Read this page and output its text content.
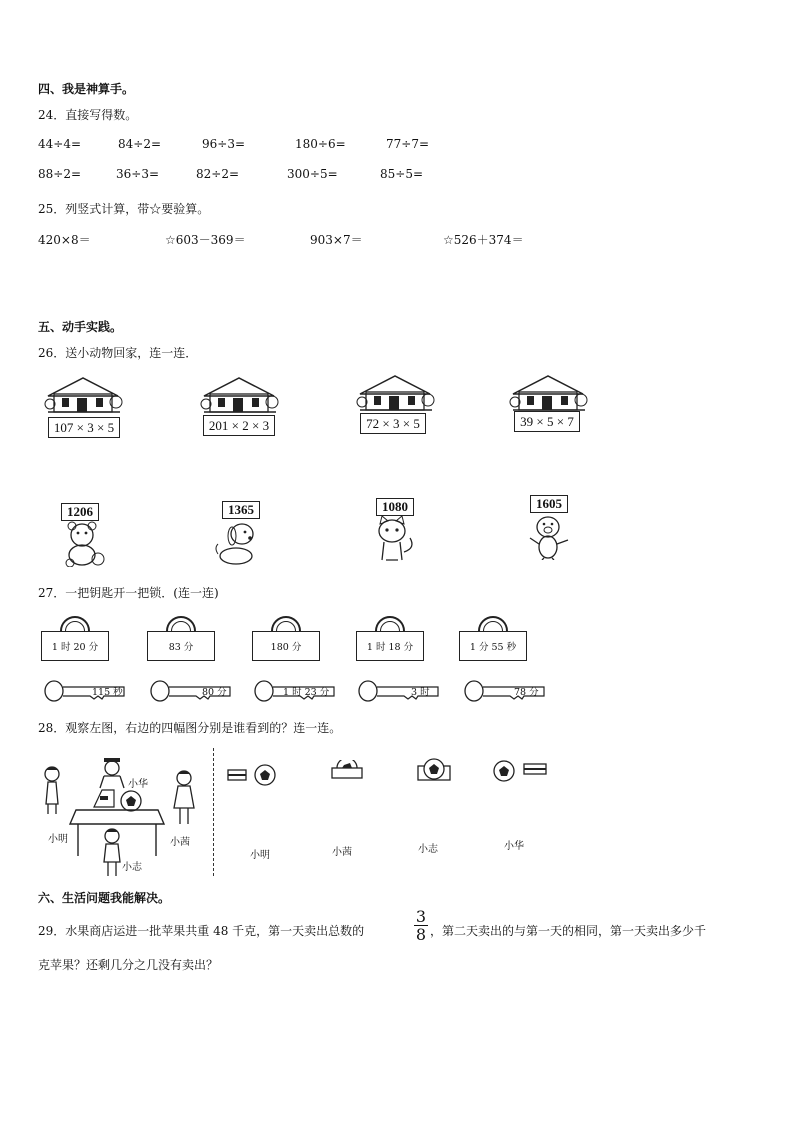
四、我是神算手。
24．直接写得数。
44÷4=	84÷2=	96÷3=	180÷6=	77÷7=
88÷2=	36÷3=	82÷2=	300÷5=	85÷5=
25．列竖式计算，带☆要验算。
420×8＝	☆603－369＝	903×7＝	☆526＋374＝
五、动手实践。
26．送小动物回家，连一连．
107 × 3 × 5	201 × 2 × 3	72 × 3 × 5	39 × 5 × 7
1206	1365	1080	1605
27．一把钥匙开一把锁．(连一连)
1 时 20 分	83 分	180 分	1 时 18 分	1 分 55 秒
115 秒	80 分	1 时 23 分	3 时	78 分
28．观察左图，右边的四幅图分别是谁看到的？连一连。
小华
小明	小茜
小志
小明	小茜	小志	小华
六、生活问题我能解决。
29．水果商店运进一批苹果共重 48 千克，第一天卖出总数的	$\frac{3}{8}$ ，第二天卖出的与第一天的相同，第一天卖出多少千
克苹果？还剩几分之几没有卖出？
